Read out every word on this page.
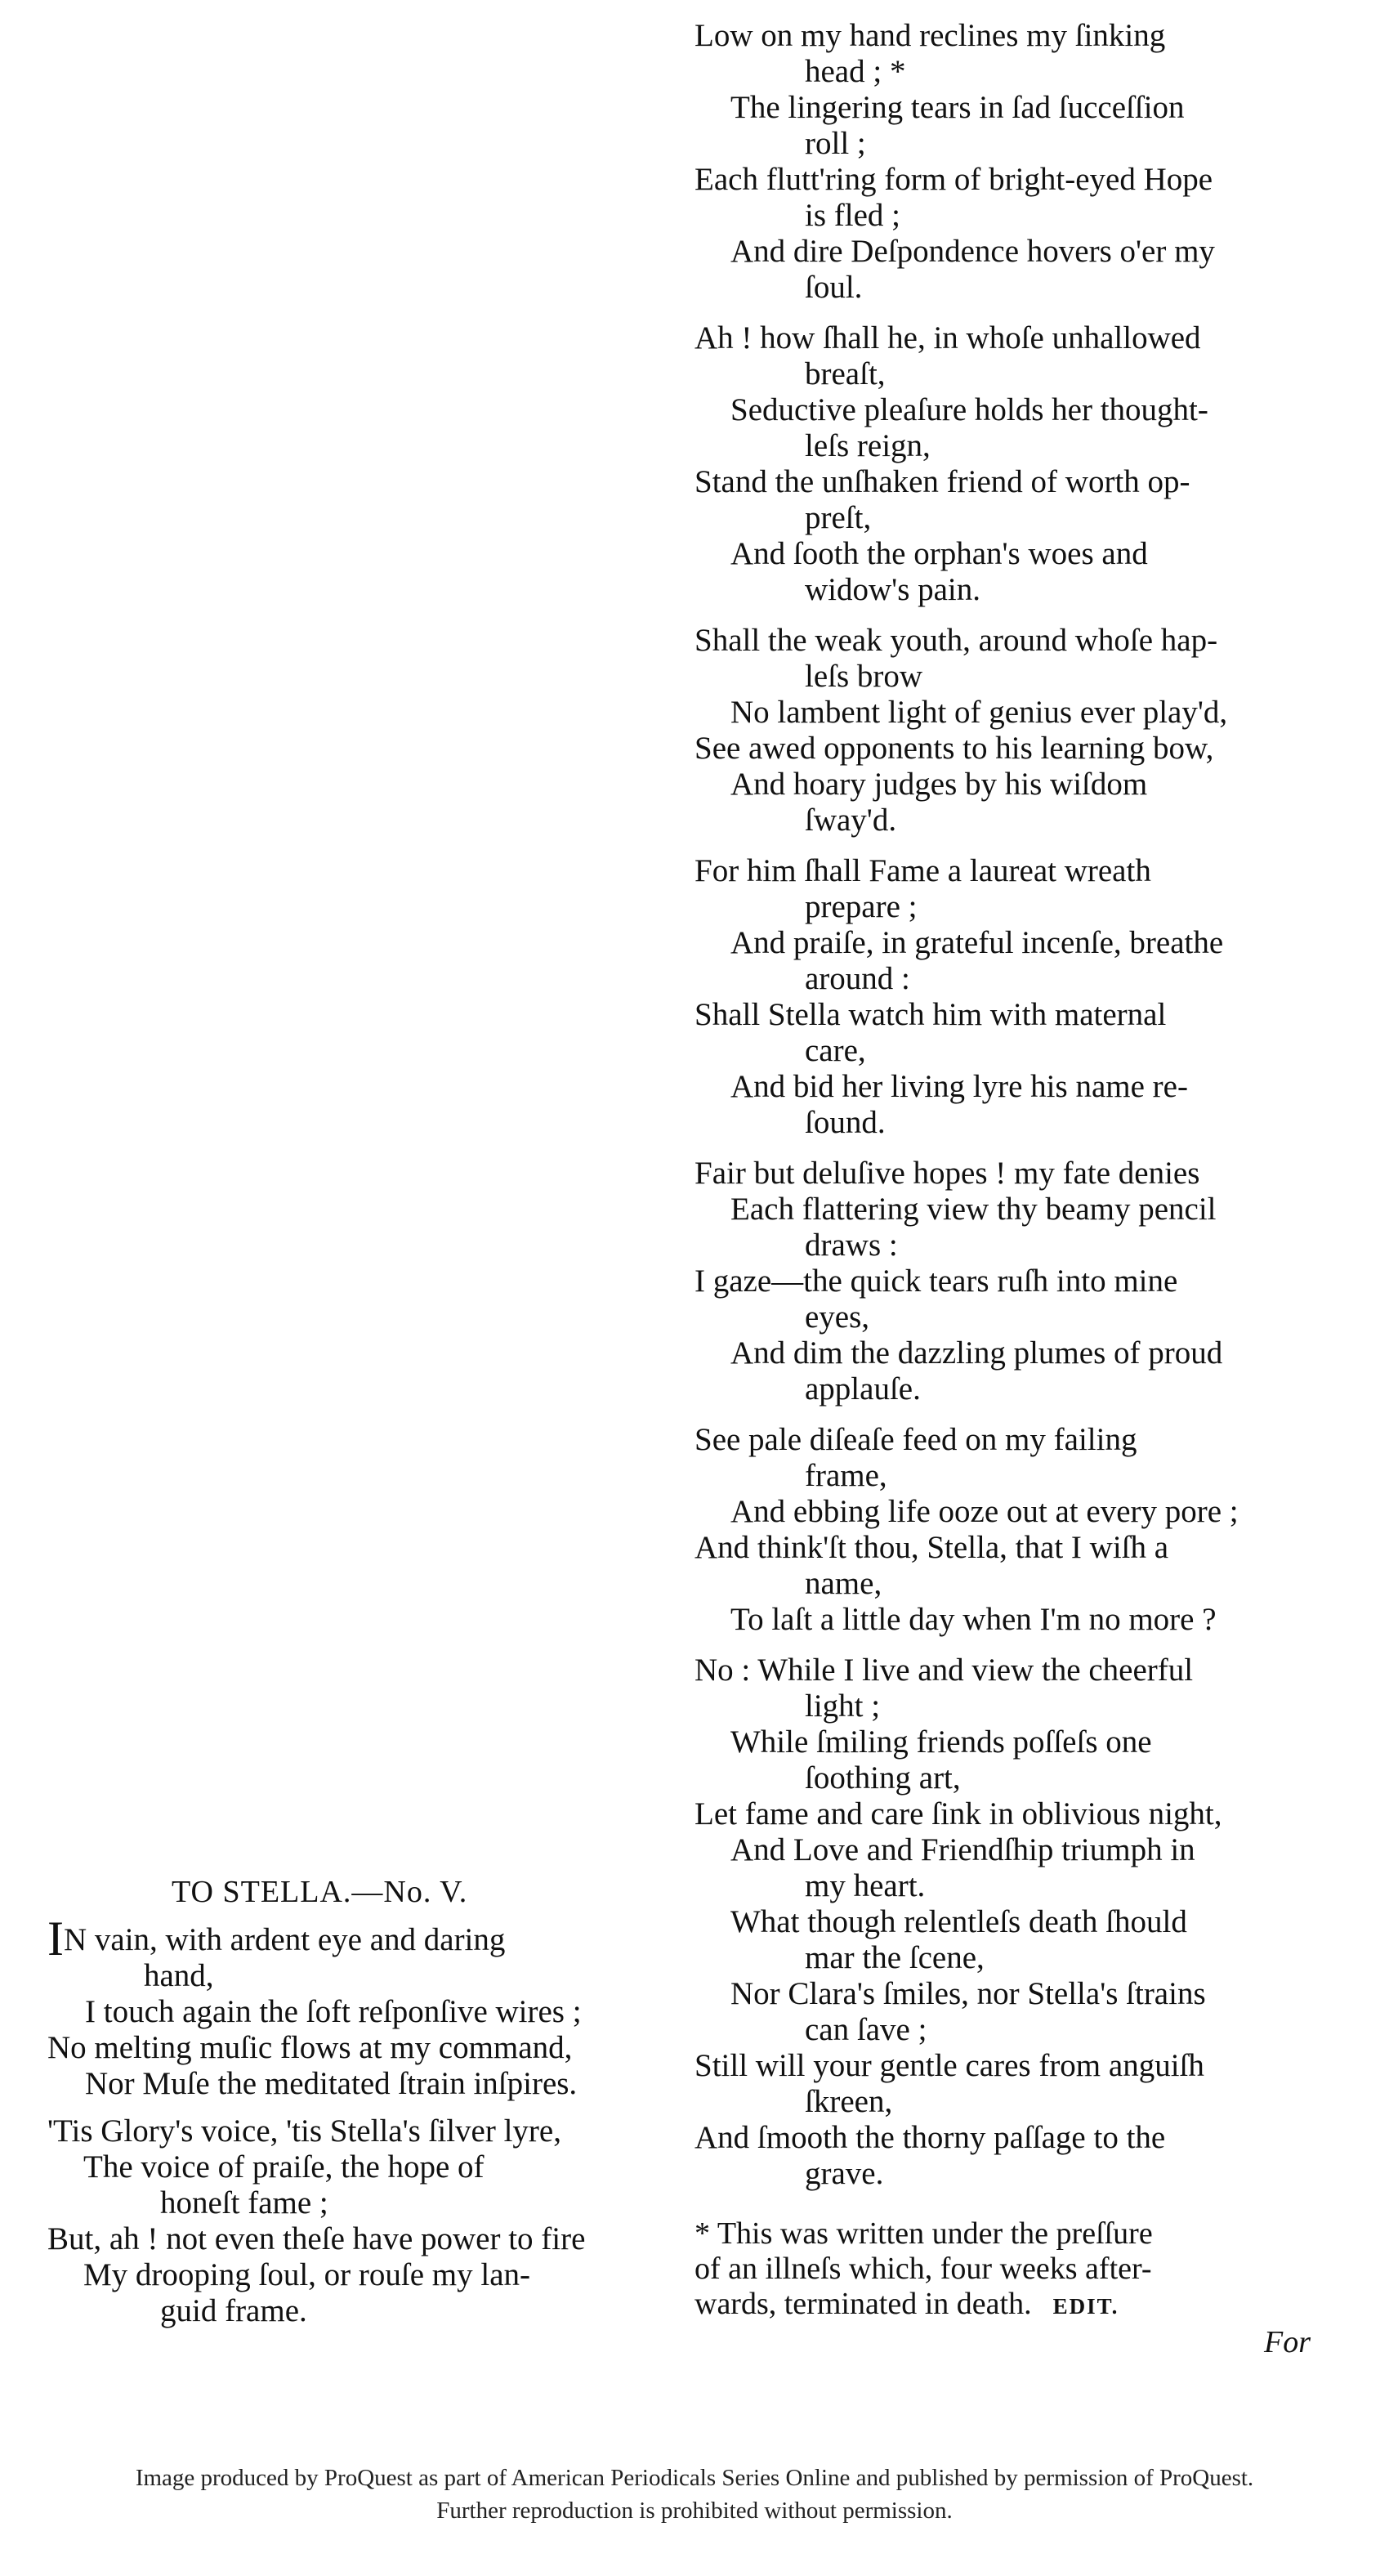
Low on my hand reclines my ſinking
head ; *
The lingering tears in ſad ſucceſſion
roll ;
Each flutt'ring form of bright-eyed Hope
is fled ;
And dire Deſpondence hovers o'er my
ſoul.
Ah ! how ſhall he, in whoſe unhallowed
breaſt,
Seductive pleaſure holds her thought-
leſs reign,
Stand the unſhaken friend of worth op-
preſt,
And ſooth the orphan's woes and
widow's pain.
Shall the weak youth, around whoſe hap-
leſs brow
No lambent light of genius ever play'd,
See awed opponents to his learning bow,
And hoary judges by his wiſdom
ſway'd.
For him ſhall Fame a laureat wreath
prepare ;
And praiſe, in grateful incenſe, breathe
around :
Shall Stella watch him with maternal
care,
And bid her living lyre his name re-
ſound.
Fair but deluſive hopes ! my fate denies
Each flattering view thy beamy pencil
draws :
I gaze—the quick tears ruſh into mine
eyes,
And dim the dazzling plumes of proud
applauſe.
See pale diſeaſe feed on my failing
frame,
And ebbing life ooze out at every pore ;
And think'ſt thou, Stella, that I wiſh a
name,
To laſt a little day when I'm no more ?
No : While I live and view the cheerful
light ;
While ſmiling friends poſſeſs one
ſoothing art,
Let fame and care ſink in oblivious night,
And Love and Friendſhip triumph in
my heart.
What though relentleſs death ſhould
mar the ſcene,
Nor Clara's ſmiles, nor Stella's ſtrains
can ſave ;
Still will your gentle cares from anguiſh
ſkreen,
And ſmooth the thorny paſſage to the
grave.
* This was written under the preſſure
of an illneſs which, four weeks after-
wards, terminated in death. EDIT.
For
TO STELLA.—No. V.
IN vain, with ardent eye and daring
hand,
I touch again the ſoft reſponſive wires ;
No melting muſic flows at my command,
Nor Muſe the meditated ſtrain inſpires.
'Tis Glory's voice, 'tis Stella's ſilver lyre,
The voice of praiſe, the hope of
honeſt fame ;
But, ah ! not even theſe have power to fire
My drooping ſoul, or rouſe my lan-
guid frame.
Image produced by ProQuest as part of American Periodicals Series Online and published by permission of ProQuest.
Further reproduction is prohibited without permission.
